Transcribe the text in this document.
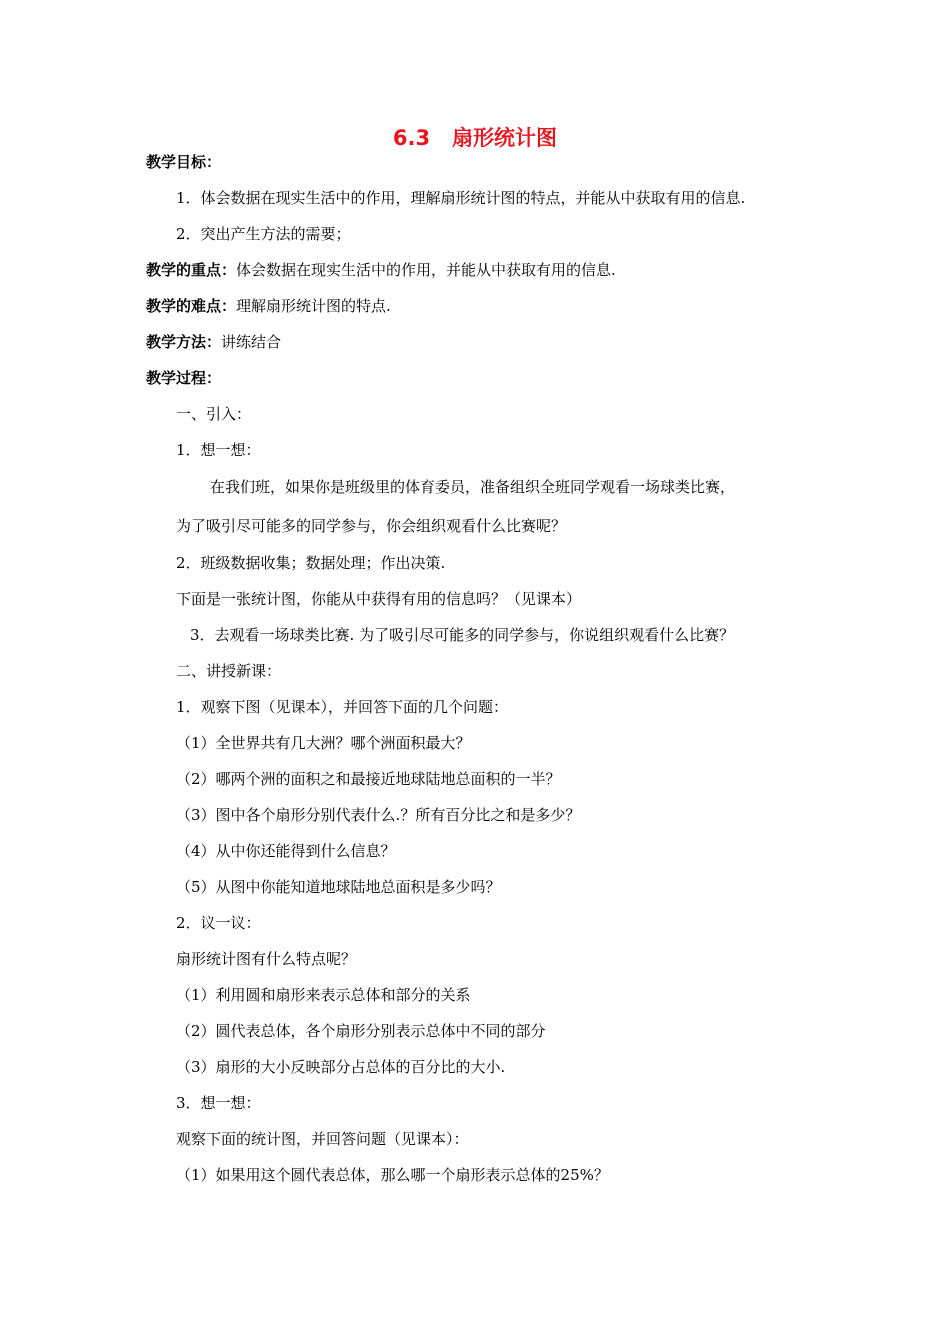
6.3   扇形统计图
教学目标：
1．体会数据在现实生活中的作用，理解扇形统计图的特点，并能从中获取有用的信息.
2．突出产生方法的需要；
教学的重点：体会数据在现实生活中的作用，并能从中获取有用的信息.
教学的难点：理解扇形统计图的特点.
教学方法：讲练结合
教学过程：
一、引入：
1．想一想：
在我们班，如果你是班级里的体育委员，准备组织全班同学观看一场球类比赛，
为了吸引尽可能多的同学参与，你会组织观看什么比赛呢？
2．班级数据收集；数据处理；作出决策.
下面是一张统计图，你能从中获得有用的信息吗？（见课本）
3．去观看一场球类比赛. 为了吸引尽可能多的同学参与，你说组织观看什么比赛？
二、讲授新课：
1．观察下图（见课本），并回答下面的几个问题：
（1）全世界共有几大洲？哪个洲面积最大？
（2）哪两个洲的面积之和最接近地球陆地总面积的一半？
（3）图中各个扇形分别代表什么.？所有百分比之和是多少？
（4）从中你还能得到什么信息？
（5）从图中你能知道地球陆地总面积是多少吗？
2．议一议：
扇形统计图有什么特点呢？
（1）利用圆和扇形来表示总体和部分的关系
（2）圆代表总体，各个扇形分别表示总体中不同的部分
（3）扇形的大小反映部分占总体的百分比的大小.
3．想一想：
观察下面的统计图，并回答问题（见课本）：
（1）如果用这个圆代表总体，那么哪一个扇形表示总体的25%？
